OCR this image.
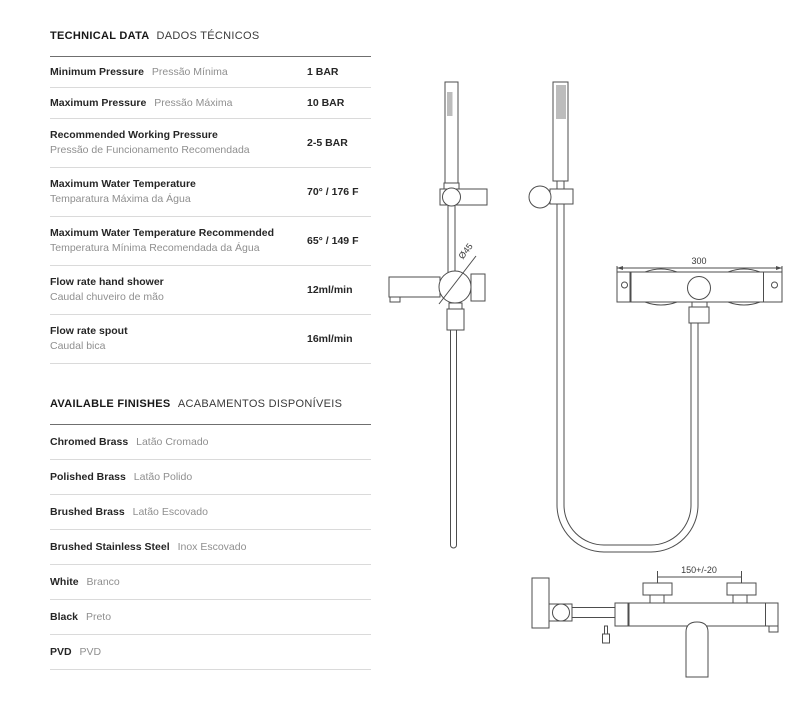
TECHNICAL DATA DADOS TÉCNICOS
Minimum Pressure Pressão Mínima	1 BAR
Maximum Pressure Pressão Máxima	10 BAR
Recommended Working Pressure
Pressão de Funcionamento Recomendada
2-5 BAR
Maximum Water Temperature
Temparatura Máxima da Água
70° / 176 F
Maximum Water Temperature Recommended
Temperatura Mínima Recomendada da Água
65° / 149 F
Flow rate hand shower
Caudal chuveiro de mão
12ml/min
Flow rate spout
Caudal bica
16ml/min
AVAILABLE FINISHES ACABAMENTOS DISPONÍVEIS
Chromed Brass Latão Cromado
Polished Brass Latão Polido
Brushed Brass Latão Escovado
Brushed Stainless Steel Inox Escovado
White Branco
Black Preto
PVD PVD
Ø45
300
150+/-20
